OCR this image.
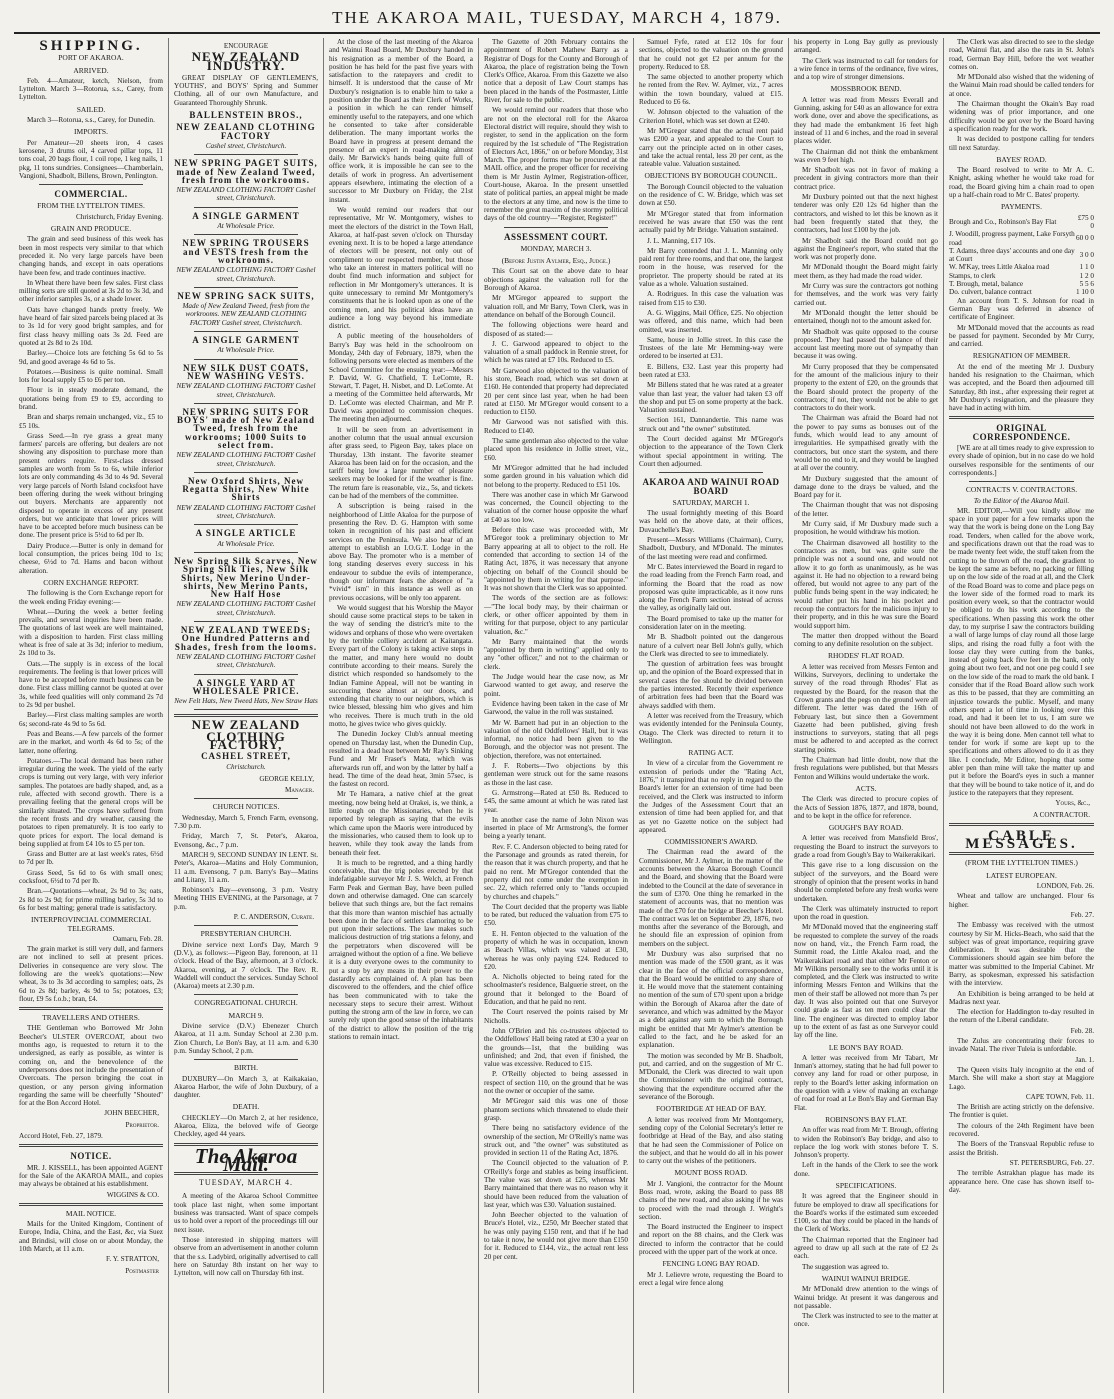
THE AKAROA MAIL, TUESDAY, MARCH 4, 1879.
SHIPPING.
PORT OF AKAROA.
ARRIVED.

Feb. 4—Amateur, ketch, Nielson, from Lyttelton. March 3—Rotorua, s.s., Carey, from Lyttelton.

SAILED.

March 3—Rotorua, s.s., Carey, for Dunedin.

IMPORTS.

Per Amateur—20 sheets iron, 4 cases kerosene, 3 drums oil, 4 carved pillar tops, 11 tons coal, 20 bags flour, 1 coil rope, 1 keg nails, 1 pkg, 11 tons sundries. Consignees—Chamberlain, Vangioni, Shadbolt, Billens, Brown, Penlington.

COMMERCIAL.
FROM THE LYTTELTON TIMES.

Christchurch, Friday Evening.

GRAIN AND PRODUCE.

The grain and seed business of this week has been in most respects very similar to that which preceded it. No very large parcels have been changing hands, and except in oats operations have been few, and trade continues inactive.

In Wheat there have been few sales. First class milling sorts are still quoted at 3s 2d to 3s 3d, and other inferior samples 3s, or a shade lower.

Oats have changed hands pretty freely. We have heard of fair sized parcels being placed at 3s to 3s 1d for very good bright samples, and for first class heavy milling oats 3s 2d. Feed are quoted at 2s 8d to 2s 10d.

Barley.—Choice lots are fetching 5s 6d to 5s 9d, and good average 4s 6d to 5s.

Potatoes.—Business is quite nominal. Small lots for local supply £5 to £6 per ton.

Flour is in steady moderate demand, the quotations being from £9 to £9, according to brand.

Bran and sharps remain unchanged, viz., £5 to £5 10s.

Grass Seed.—In rye grass a great many farmers' parcels are offering, but dealers are not showing any disposition to purchase more than present orders require. First-class dressed samples are worth from 5s to 6s, while inferior lots are only commanding 4s 3d to 4s 9d. Several very large parcels of North Island cocksfoot have been offering during the week without bringing out buyers. Merchants are apparently not disposed to operate in excess of any present orders, but we anticipate that lower prices will have to be accepted before much business can be done. The present price is 5½d to 6d per lb.

Dairy Produce.—Butter is only in demand for local consumption, the prices being 10d to 1s; cheese, 6½d to 7d. Hams and bacon without alteration.

CORN EXCHANGE REPORT.

The following is the Corn Exchange report for the week ending Friday evening:—

Wheat.—During the week a better feeling prevails, and several inquiries have been made. The quotations of last week are well maintained, with a disposition to harden. First class milling wheat is free of sale at 3s 3d; inferior to medium, 2s 10d to 3s.

Oats.—The supply is in excess of the local requirements. The feeling is that lower prices will have to be accepted before much business can be done. First class milling cannot be quoted at over 3s, while feed qualities will only command 2s 7d to 2s 9d per bushel.

Barley.—First class malting samples are worth 6s; second-rate 4s 9d to 5s 6d.

Peas and Beans.—A few parcels of the former are in the market, and worth 4s 6d to 5s; of the latter, none offering.

Potatoes.—The local demand has been rather irregular during the week. The yield of the early crops is turning out very large, with very inferior samples. The potatoes are badly shaped, and, as a rule, affected with second growth. There is a prevailing feeling that the general crops will be similarly situated. The crops have suffered from the recent frosts and dry weather, causing the potatoes to ripen prematurely. It is too early to quote prices for export. The local demand is being supplied at from £4 10s to £5 per ton.

Grass and Butter are at last week's rates, 6½d to 7d per lb.

Grass Seed, 5s 6d to 6s with small ones; cocksfoot, 6½d to 7d per lb.

Bran.—Quotations—wheat, 2s 9d to 3s; oats, 2s 8d to 2s 9d; for prime milling barley, 5s 3d to 6s for best malting; general trade is satisfactory.

INTERPROVINCIAL COMMERCIAL TELEGRAMS.

Oamaru, Feb. 28.

The grain market is still very dull, and farmers are not inclined to sell at present prices. Deliveries in consequence are very slow. The following are the week's quotations:—New wheat, 3s to 3s 3d according to samples; oats, 2s 6d to 2s 8d; barley, 4s 9d to 5s; potatoes, £3; flour, £9 5s f.o.b.; bran, £4.

TRAVELLERS AND OTHERS.

THE Gentleman who Borrowed Mr John Beecher's ULSTER OVERCOAT, about two months ago, is requested to return it to the undersigned, as early as possible, as winter is coming on, and the benevolence of the underpersons does not include the presentation of Overcoats. The person bringing the coat in question, or any person giving information regarding the same will be cheerfully "Shouted" for at the Bon Accord Hotel.

JOHN BEECHER,
Proprietor.

Accord Hotel, Feb. 27, 1879.

NOTICE.

MR. J. KISSELL, has been appointed AGENT for the Sale of the AKAROA MAIL, and copies may always be obtained at his establishment.

WIGGINS & CO.
MAIL NOTICE.

Mails for the United Kingdom, Continent of Europe, India, China, and the East, &c, via Suez and Brindisi, will close on or about Monday, the 10th March, at 11 a.m.

F. Y. STRATTON,
Postmaster
ENCOURAGE
NEW ZEALAND INDUSTRY.

GREAT DISPLAY OF GENTLEMEN'S, YOUTHS', and BOYS' Spring and Summer Clothing, all of our own Manufacture, and Guaranteed Thoroughly Shrunk.

BALLENSTEIN BROS.,
NEW ZEALAND CLOTHING FACTORY
Cashel street, Christchurch.
NEW SPRING PAGET SUITS, made of New Zealand Tweed, fresh from the workrooms.
NEW ZEALAND CLOTHING FACTORY Cashel street, Christchurch.
A SINGLE GARMENT
At Wholesale Price.
NEW SPRING TROUSERS and VESTS fresh from the workrooms.
NEW ZEALAND CLOTHING FACTORY Cashel street, Christchurch.
NEW SPRING SACK SUITS,
Made of New Zealand Tweed, fresh from the workrooms. NEW ZEALAND CLOTHING FACTORY Cashel street, Christchurch.
A SINGLE GARMENT
At Wholesale Price.
NEW SILK DUST COATS, NEW WASHING VESTS.
NEW ZEALAND CLOTHING FACTORY Cashel street, Christchurch.
NEW SPRING SUITS FOR BOYS' made of New Zealand Tweed, fresh from the workrooms; 1000 Suits to select from.
NEW ZEALAND CLOTHING FACTORY Cashel street, Christchurch.
New Oxford Shirts, New Regatta Shirts, New White Shirts
NEW ZEALAND CLOTHING FACTORY Cashel street, Christchurch.
A SINGLE ARTICLE
At Wholesale Price.
New Spring Silk Scarves, New Spring Silk Ties, New Silk Shirts, New Merino Under-shirts, New Merino Pants, New Half Hose
NEW ZEALAND CLOTHING FACTORY Cashel street, Christchurch.
NEW ZEALAND TWEEDS; One Hundred Patterns and Shades, fresh from the looms.
NEW ZEALAND CLOTHING FACTORY Cashel street, Christchurch.
A SINGLE YARD AT WHOLESALE PRICE.
New Felt Hats, New Tweed Hats, New Straw Hats
NEW ZEALAND
CLOTHING FACTORY,
CASHEL STREET,
Christchurch.
GEORGE KELLY,
Manager.
CHURCH NOTICES.

Wednesday, March 5, French Farm, evensong, 7.30 p.m.

Friday, March 7, St. Peter's, Akaroa, Evensong, &c., 7 p.m.

MARCH 9, SECOND SUNDAY IN LENT. St. Peter's, Akaroa—Matins and Holy Communion, 11 a.m. Evensong, 7 p.m. Barry's Bay—Matins and Litany, 11 a.m.

Robinson's Bay—evensong, 3 p.m. Vestry Meeting THIS EVENING, at the Parsonage, at 7 p.m.

P. C. ANDERSON, Curate.
PRESBYTERIAN CHURCH.

Divine service next Lord's Day, March 9 (D.V.), as follows:—Pigeon Bay, forenoon, at 11 o'clock. Head of the Bay, afternoon, at 3 o'clock. Akaroa, evening, at 7 o'clock. The Rev. R. Waddell will conduct the services. Sunday School (Akaroa) meets at 2.30 p.m.

CONGREGATIONAL CHURCH.
MARCH 9.

Divine service (D.V.) Ebenezer Church Akaroa, at 11 a.m. Sunday School at 2.30 p.m. Zion Church, Le Bon's Bay, at 11 a.m. and 6.30 p.m. Sunday School, 2 p.m.

BIRTH.

DUXBURY—On March 3, at Kaikakaiao, Akaroa Harbor, the wife of John Duxbury, of a daughter.

DEATH.

CHECKLEY—On March 2, at her residence, Akaroa, Eliza, the beloved wife of George Checkley, aged 44 years.

The Akaroa Mail.
TUESDAY, MARCH 4.

A meeting of the Akaroa School Committee took place last night, when some important business was transacted. Want of space compels us to hold over a report of the proceedings till our next issue.

Those interested in shipping matters will observe from an advertisement in another column that the s.s. Ladybird, originally advertised to call here on Saturday 8th instant on her way to Lyttelton, will now call on Thursday 6th inst.

At the close of the last meeting of the Akaroa and Wainui Road Board, Mr Duxbury handed in his resignation as a member of the Board, a position he has held for the past five years with satisfaction to the ratepayers and credit to himself. It is understood that the cause of Mr Duxbury's resignation is to enable him to take a position under the Board as their Clerk of Works, a position in which he can render himself eminently useful to the ratepayers, and one which he consented to take after considerable deliberation. The many important works the Board have in progress at present demand the presence of an expert in road-making almost daily. Mr Barwick's hands being quite full of office work, it is impossible he can see to the details of work in progress. An advertisement appears elsewhere, intimating the election of a successor to Mr Duxbury on Friday, the 21st instant.

We would remind our readers that our representative, Mr W. Montgomery, wishes to meet the electors of the district in the Town Hall, Akaroa, at half-past seven o'clock on Thursday evening next. It is to be hoped a large attendance of electors will be present, not only out of compliment to our respected member, but those who take an interest in matters political will no doubt find much information and subject for reflection in Mr Montgomery's utterances. It is quite unnecessary to remind Mr Montgomery's constituents that he is looked upon as one of the coming men, and his political ideas have an audience a long way beyond his immediate district.

A public meeting of the householders of Barry's Bay was held in the schoolroom on Monday, 24th day of February, 1879, when the following persons were elected as members of the School Committee for the ensuing year:—Messrs P. David, W. G. Chatfield, T. LeComte, R. Stewart, T. Paget, H. Nisbet, and D. LeComte. At a meeting of the Committee held afterwards, Mr D. LeComte was elected Chairman, and Mr P. David was appointed to commission cheques. The meeting then adjourned.

It will be seen from an advertisement in another column that the usual annual excursion after grass seed, to Pigeon Bay, takes place on Thursday, 13th instant. The favorite steamer Akaroa has been laid on for the occasion, and the tariff being low a large number of pleasure seekers may be looked for if the weather is fine. The return fare is reasonable, viz., 5s, and tickets can be had of the members of the committee.

A subscription is being raised in the neighborhood of Little Akaloa for the purpose of presenting the Rev. D. G. Hampton with some token in recognition of his past and efficient services on the Peninsula. We also hear of an attempt to establish an I.O.G.T. Lodge in the above Bay. The promoter who is a member of long standing deserves every success in his endeavour to subdue the evils of intemperance, though our informant fears the absence of "a *vivid* ism" in this instance as well as on previous occasions, will be only too apparent.

We would suggest that his Worship the Mayor should cause some practical steps to be taken in the way of sending the district's mite to the widows and orphans of those who were overtaken by the terrible colliery accident at Kaitangata. Every part of the Colony is taking active steps in the matter, and many here would no doubt contribute according to their means. Surely the district which responded so handsomely to the Indian Famine Appeal, will not be wanting in succouring these almost at our doors, and extending that charity to our neighbors, which is twice blessed, blessing him who gives and him who receives. There is much truth in the old motto, he gives twice who gives quickly.

The Dunedin Jockey Club's annual meeting opened on Thursday last, when the Dunedin Cup, resulted in a dead heat between Mr Ray's Sinking Fund and Mr Fraser's Mata, which was afterwards run off, and won by the latter by half a head. The time of the dead heat, 3min 57sec, is the fastest on record.

Mr Te Hamara, a native chief at the great meeting, now being held at Orakei, is, we think, a little rough on the Missionaries, when he is reported by telegraph as saying that the evils which came upon the Maoris were introduced by the missionaries, who caused them to look up to heaven, while they took away the lands from beneath their feet.

It is much to be regretted, and a thing hardly conceivable, that the trig poles erected by that indefatigable surveyor Mr J. S. Welch, at French Farm Peak and German Bay, have been pulled down and otherwise damaged. One can scarcely believe that such things are, but the fact remains that this more than wanton mischief has actually been done in the face of settlers clamoring to be put upon their selections. The law makes such malicious destruction of trig stations a felony, and the perpetrators when discovered will be arraigned without the option of a fine. We believe it is a duty everyone owes to the community to put a stop by any means in their power to the dastardly acts complained of. A plan has been discovered to the offenders, and the chief office has been communicated with to take the necessary steps to secure their arrest. Without putting the strong arm of the law in force, we can surely rely upon the good sense of the inhabitants of the district to allow the position of the trig stations to remain intact.

The Gazette of 20th February contains the appointment of Robert Mathew Barry as a Registrar of Dogs for the County and Borough of Akaroa, the place of registration being the Town Clerk's Office, Akaroa. From this Gazette we also notice that a deposit of Law Court stamps has been placed in the hands of the Postmaster, Little River, for sale to the public.

We would remind our readers that those who are not on the electoral roll for the Akaroa Electoral district will require, should they wish to register, to send in the application on the form required by the 1st schedule of "The Registration of Electors Act, 1866," on or before Monday, 31st March. The proper forms may be procured at the MAIL office, and the proper officer for receiving them is Mr Justin Aylmer, Registration-officer, Court-house, Akaroa. In the present unsettled state of political parties, an appeal might be made to the electors at any time, and now is the time to remember the great maxim of the stormy political days of the old country—"Register, Register!"

ASSESSMENT COURT.
MONDAY, MARCH 3.
(Before Justin Aylmer, Esq., Judge.)

This Court sat on the above date to hear objections against the valuation roll for the Borough of Akaroa.

Mr M'Gregor appeared to support the valuation roll, and Mr Barry, Town Clerk, was in attendance on behalf of the Borough Council.

The following objections were heard and disposed of as stated:—

J. C. Garwood appeared to object to the valuation of a small paddock in Rennie street, for which he was rated at £7 10s. Reduced to £5.

Mr Garwood also objected to the valuation of his store, Beach road, which was set down at £160. He contended that property had depreciated 20 per cent since last year, when he had been rated at £150. Mr M'Gregor would consent to a reduction to £150.

Mr Garwood was not satisfied with this. Reduced to £140.

The same gentleman also objected to the value placed upon his residence in Jollie street, viz., £60.

Mr M'Gregor admitted that he had included some garden ground in his valuation which did not belong to the property. Reduced to £51 10s.

There was another case in which Mr Garwood was concerned, the Council objecting to the valuation of the corner house opposite the wharf at £40 as too low.

Before this case was proceeded with, Mr M'Gregor took a preliminary objection to Mr Barry appearing at all to object to the roll. He contended that according to section 14 of the Rating Act, 1876, it was necessary that anyone objecting on behalf of the Council should be "appointed by them in writing for that purpose." It was not shown that the Clerk was so appointed.

The words of the section are as follows:—"The local body may, by their chairman or clerk, or other officer appointed by them in writing for that purpose, object to any particular valuation, &c."

Mr Barry maintained that the words "appointed by them in writing" applied only to any "other officer," and not to the chairman or clerk.

The Judge would hear the case now, as Mr Garwood wanted to get away, and reserve the point.

Evidence having been taken in the case of Mr Garwood, the value in the roll was sustained.

Mr W. Barnett had put in an objection to the valuation of the old Oddfellows' Hall, but it was informal, no notice had been given to the Borough, and the objector was not present. The objection, therefore, was not entertained.

J. F. Roberts—Two objections by this gentleman were struck out for the same reasons as those in the last case.

G. Armstrong—Rated at £50 8s. Reduced to £45, the same amount at which he was rated last year.

In another case the name of John Nixon was inserted in place of Mr Armstrong's, the former being a yearly tenant.

Rev. F. C. Anderson objected to being rated for the Parsonage and grounds as rated therein, for the reason that it was church property, and that he paid no rent. Mr M'Gregor contended that the property did not come under the exemption in sec. 22, which referred only to "lands occupied by churches and chapels."

The Court decided that the property was liable to be rated, but reduced the valuation from £75 to £50.

E. H. Fenton objected to the valuation of the property of which he was in occupation, known as Beach Villas, which was valued at £30, whereas he was only paying £24. Reduced to £20.

A. Nicholls objected to being rated for the schoolmaster's residence, Balguerie street, on the ground that it belonged to the Board of Education, and that he paid no rent.

The Court reserved the points raised by Mr Nicholls.

John O'Brien and his co-trustees objected to the Oddfellows' Hall being rated at £30 a year on the grounds—1st, that the building was unfinished; and 2nd, that even if finished, the value was excessive. Reduced to £15.

P. O'Reilly objected to being assessed in respect of section 110, on the ground that he was not the owner or occupier of the same.

Mr M'Gregor said this was one of those phantom sections which threatened to elude their grasp.

There being no satisfactory evidence of the ownership of the section, Mr O'Reilly's name was struck out, and "the owner" was substituted as provided in section 11 of the Rating Act, 1876.

The Council objected to the valuation of P. O'Reilly's forge and stables as being insufficient. The value was set down at £25, whereas Mr Barry maintained that there was no reason why it should have been reduced from the valuation of last year, which was £30. Valuation sustained.

John Beecher objected to the valuation of Bruce's Hotel, viz., £250, Mr Beecher stated that he was only paying £150 rent, and that if he had to take it now, he would not give more than £150 for it. Reduced to £144, viz., the actual rent less 20 per cent.

Samuel Fyfe, rated at £12 10s for four sections, objected to the valuation on the ground that he could not get £2 per annum for the property. Reduced to £8.

The same objected to another property which he rented from the Rev. W. Aylmer, viz., 7 acres within the town boundary, valued at £15. Reduced to £6 6s.

W. Johnson objected to the valuation of the Criterion Hotel, which was set down at £240.

Mr M'Gregor stated that the actual rent paid was £200 a year, and appealed to the Court to carry out the principle acted on in other cases, and take the actual rental, less 20 per cent, as the rateable value. Valuation sustained.

OBJECTIONS BY BOROUGH COUNCIL.

The Borough Council objected to the valuation on the residence of C. W. Bridge, which was set down at £50.

Mr M'Gregor stated that from information received he was aware that £50 was the rent actually paid by Mr Bridge. Valuation sustained.

J. L. Manning, £17 10s.

Mr Barry contended that J. L. Manning only paid rent for three rooms, and that one, the largest room in the house, was reserved for the proprietor. The property should be rated at its value as a whole. Valuation sustained.

A. Rodrigues. In this case the valuation was raised from £15 to £30.

A. G. Wiggins, Mail Office, £25. No objection was offered, and this name, which had been omitted, was inserted.

Same, house in Jollie street. In this case the Trustees of the late Mr Hemming-way were ordered to be inserted at £31.

E. Billens, £32. Last year this property had been rated at £33.

Mr Billens stated that he was rated at a greater value than last year, the valuer had taken £3 off the shop and put £5 on some property at the back. Valuation sustained.

Section 161, Dannandertie. This name was struck out and "the owner" substituted.

The Court decided against Mr M'Gregor's objection to the appearance of the Town Clerk without special appointment in writing. The Court then adjourned.

AKAROA AND WAINUI ROAD BOARD
SATURDAY, MARCH 1.

The usual fortnightly meeting of this Board was held on the above date, at their offices, Duvauchelle's Bay.

Present—Messrs Williams (Chairman), Curry, Shadbolt, Duxbury, and M'Donald. The minutes of the last meeting were read and confirmed.

Mr C. Bates interviewed the Board in regard to the road leading from the French Farm road, and informing the Board that the road as now proposed was quite impracticable, as it now runs along the French Farm section instead of across the valley, as originally laid out.

The Board promised to take up the matter for consideration later on in the meeting.

Mr B. Shadbolt pointed out the dangerous nature of a culvert near Bell John's gully, which the Clerk was directed to see to immediately.

The question of arbitration fees was brought up, and the opinion of the Board expressed that in several cases the fee should be divided between the parties interested. Recently their experience of arbitration fees had been that the Board was always saddled with them.

A letter was received from the Treasury, which was evidently intended for the Peninsula County, Otago. The Clerk was directed to return it to Wellington.

RATING ACT.

In view of a circular from the Government re extension of periods under the "Rating Act, 1876," it transpired that no reply in regard to the Board's letter for an extension of time had been received, and the Clerk was instructed to inform the Judges of the Assessment Court that an extension of time had been applied for, and that as yet no Gazette notice on the subject had appeared.

COMMISSIONER'S AWARD.

The Chairman read the award of the Commissioner, Mr J. Aylmer, in the matter of the accounts between the Akaroa Borough Council and the Board, and showing that the Board were indebted to the Council at the date of severance in the sum of £370. One thing he remarked in the statement of accounts was, that no mention was made of the £70 for the bridge at Beecher's Hotel. The contract was let on September 29, 1876, two months after the severance of the Borough, and he should file an expression of opinion from members on the subject.

Mr Duxbury was also surprised that no mention was made of the £500 grant, as it was clear in the face of the official correspondence, that the Board would be entitled to any share of it. He would move that the statement containing no mention of the sum of £70 spent upon a bridge within the Borough of Akaroa after the date of severance, and which was admitted by the Mayor as a debt against any sum to which the Borough might be entitled that Mr Aylmer's attention be called to the fact, and he be asked for an explanation.

The motion was seconded by Mr B. Shadbolt, put, and carried, and on the suggestion of Mr C. M'Donald, the Clerk was directed to wait upon the Commissioner with the original contract, showing that the expenditure occurred after the severance of the Borough.

FOOTBRIDGE AT HEAD OF BAY.

A letter was received from Mr Montgomery, sending copy of the Colonial Secretary's letter re footbridge at Head of the Bay, and also stating that he had seen the Commissioner of Police on the subject, and that he would do all in his power to carry out the wishes of the petitioners.

MOUNT BOSS ROAD.

Mr J. Vangioni, the contractor for the Mount Boss road, wrote, asking the Board to pass 88 chains of the new road, and also asking if he was to proceed with the road through J. Wright's section.

The Board instructed the Engineer to inspect and report on the 88 chains, and the Clerk was directed to inform the contractor that he could proceed with the upper part of the work at once.

FENCING LONG BAY ROAD.

Mr J. Lelievre wrote, requesting the Board to erect a legal wire fence along

his property in Long Bay gully as previously arranged.

The Clerk was instructed to call for tenders for a wire fence in terms of the ordinance, five wires, and a top wire of stronger dimensions.

MOSSBROOK BEND.

A letter was read from Messrs Everall and Gunning, asking for £40 as an allowance for extra work done, over and above the specifications, as they had made the embankment 16 feet high instead of 11 and 6 inches, and the road in several places wider.

The Chairman did not think the embankment was even 9 feet high.

Mr Shadbolt was not in favor of making a precedent in giving contractors more than their contract price.

Mr Duxbury pointed out that the next highest tenderer was only £20 12s 6d higher than the contractors, and wished to let this be known as it had been frequently stated that they, the contractors, had lost £100 by the job.

Mr Shadbolt said the Board could not go against the Engineer's report, who stated that the work was not properly done.

Mr M'Donald thought the Board might fairly meet them, as they had made the road wider.

Mr Curry was sure the contractors got nothing for themselves, and the work was very fairly carried out.

Mr M'Donald thought the letter should be entertained, though not to the amount asked for.

Mr Shadbolt was quite opposed to the course proposed. They had passed the balance of their account last meeting more out of sympathy than because it was owing.

Mr Curry proposed that they be compensated for the amount of the malicious injury to their property to the extent of £20, on the grounds that the Board should protect the property of the contractors; if not, they would not be able to get contractors to do their work.

The Chairman was afraid the Board had not the power to pay sums as bonuses out of the funds, which would lead to any amount of irregularities. He sympathised greatly with the contractors, but once start the system, and there would be no end to it, and they would be laughed at all over the country.

Mr Duxbury suggested that the amount of damage done to the drays be valued, and the Board pay for it.

The Chairman thought that was not disposing of the letter.

Mr Curry said, if Mr Duxbury made such a proposition, he would withdraw his motion.

The Chairman disavowed all hostility to the contractors as men, but was quite sure the principle was not a sound one, and would not allow it to go forth as unanimously, as he was against it. He had no objection to a reward being offered, but would not agree to any part of the public funds being spent in the way indicated; he would rather put his hand in his pocket and recoup the contractors for the malicious injury to their property, and in this he was sure the Board would support him.

The matter then dropped without the Board coming to any definite resolution on the subject.

RHODES' FLAT ROAD.

A letter was received from Messrs Fenton and Wilkins, Surveyors, declining to undertake the survey of the road through Rhodes' Flat as requested by the Board, for the reason that the Crown grants and the pegs on the ground were all different. The letter was dated the 16th of February last, but since then a Government Gazette had been published, giving fresh instructions to surveyors, stating that all pegs must be adhered to and accepted as the correct starting points.

The Chairman had little doubt, now that the fresh regulations were published, but that Messrs Fenton and Wilkins would undertake the work.

ACTS.

The Clerk was directed to procure copies of the Acts of Session 1876, 1877, and 1878, bound, and to be kept in the office for reference.

GOUGH'S BAY ROAD.

A letter was received from Mansfield Bros', requesting the Board to instruct the surveyors to grade a road from Gough's Bay to Waikerakikari.

This gave rise to a long discussion on the subject of the surveyors, and the Board were strongly of opinion that the present works in hand should be completed before any fresh works were undertaken.

The Clerk was ultimately instructed to report upon the road in question.

Mr M'Donald moved that the engineering staff be requested to complete the survey of the roads now on hand, viz., the French Farm road, the Summit road, the Little Akaloa road, and the Waikerakikari road and that either Mr Fenton or Mr Wilkins personally see to the works until it is completed, and the Clerk was instructed to write informing Messrs Fenton and Wilkins that the men of their staff be allowed not more than 7s per day. It was also pointed out that one Surveyor could grade as fast as ten men could clear the line. The engineer was directed to employ labor up to the extent of as fast as one Surveyor could lay off the line.

LE BON'S BAY ROAD.

A letter was received from Mr Tabart, Mr Inman's attorney, stating that he had full power to convey any land for road or other purpose, in reply to the Board's letter asking information on the question with a view of making an exchange of road for road at Le Bon's Bay and German Bay Flat.

ROBINSON'S BAY FLAT.

An offer was read from Mr T. Brough, offering to widen the Robinson's Bay bridge, and also to replace the log work with stones before T. S. Johnson's property.

Left in the hands of the Clerk to see the work done.

SPECIFICATIONS.

It was agreed that the Engineer should in future be employed to draw all specifications for the Board's works if the estimated sum exceeded £100, so that they could be placed in the hands of the Clerk of Works.

The Chairman reported that the Engineer had agreed to draw up all such at the rate of £2 2s each.

The suggestion was agreed to.

WAINUI WAINUI BRIDGE.

Mr M'Donald drew attention to the wings of Wainui bridge. At present it was dangerous and not passable.

The Clerk was instructed to see to the matter at once.

The Clerk was also directed to see to the sledge road, Wainui flat, and also the rats in St. John's road, German Bay Hill, before the wet weather comes on.

Mr M'Donald also wished that the widening of the Wainui Main road should be called tenders for at once.

The Chairman thought the Okain's Bay road widening was of prior importance, and one difficulty would be got over by the Board having a specification ready for the work.

It was decided to postpone calling for tenders till next Saturday.

BAYES' ROAD.

The Board resolved to write to Mr A. C. Knight, asking whether he would take road for road, the Board giving him a chain road to open up a half-chain road to Mr C. Bates' property.

PAYMENTS.
Brough and Co., Robinson's Bay Flat	£75 0 0
J. Woodill, progress payment, Lake Forsyth road	60 0 0
T. Adams, three days' accounts and one day at Court	3 0 0
W. M'Kay, trees Little Akaloa road	1 1 0
Stamps, to clerk	1 2 0
T. Brough, metal, balance	5 5 6
Do. culvert, balance contract	1 10 0

An account from T. S. Johnson for road in German Bay was deferred in absence of certificate of Engineer.

Mr M'Donald moved that the accounts as read be passed for payment. Seconded by Mr Curry, and carried.

RESIGNATION OF MEMBER.

At the end of the meeting Mr J. Duxbury handed his resignation to the Chairman, which was accepted, and the Board then adjourned till Saturday, 8th inst., after expressing their regret at Mr Duxbury's resignation, and the pleasure they have had in acting with him.

ORIGINAL CORRESPONDENCE.

[WE are at all times ready to give expression to every shade of opinion, but in no case do we hold ourselves responsible for the sentiments of our correspondents.]

CONTRACTS V. CONTRACTORS.

To the Editor of the Akaroa Mail.

MR. EDITOR,—Will you kindly allow me space in your paper for a few remarks upon the way that the work is being done on the Long Bay road. Tenders, when called for the above work, and specifications drawn out that the road was to be made twenty feet wide, the stuff taken from the cutting to be thrown off the road, the gradient to be kept the same as before, no packing or filling up on the low side of the road at all, and the Clerk of the Road Board was to come and place pegs on the lower side of the formed road to mark its position every week, so that the contractor would be obliged to do his work according to the specifications. When passing this work the other day, to my surprise I saw the contractors building a wall of large lumps of clay round all those large slips, and rising the road fully a foot with the loose clay they were cutting from the banks, instead of going back five feet in the bank, only going about two feet, and not one peg could I see on the low side of the road to mark the old bank. I consider that if the Road Board allow such work as this to be passed, that they are committing an injustice towards the public. Myself, and many others spent a lot of time in looking over this road, and had it been let to us, I am sure we should not have been allowed to do the work in the way it is being done. Men cannot tell what to tender for work if some are kept up to the specifications and others allowed to do it as they like. I conclude, Mr Editor, hoping that some abler pen than mine will take the matter up and put it before the Board's eyes in such a manner that they will be bound to take notice of it, and do justice to the ratepayers that they represent.

Yours, &c.,
A CONTRACTOR.
CABLE MESSAGES.
(FROM THE LYTTELTON TIMES.)
LATEST EUROPEAN.

LONDON, Feb. 26.

Wheat and tallow are unchanged. Flour 6s higher.

Feb. 27.

The Embassy was received with the utmost courtesy by Sir M. Hicks-Beach, who said that the subject was of great importance, requiring grave deliberation. It was desirable that the Commissioners should again see him before the matter was submitted to the Imperial Cabinet. Mr Barry, as spokesman, expressed his satisfaction with the interview.

An Exhibition is being arranged to be held at Madras next year.

The election for Haddington to-day resulted in the return of the Liberal candidate.

Feb. 28.

The Zulus are concentrating their forces to invade Natal. The river Tuleia is unfordable.

Jan. 1.

The Queen visits Italy incognito at the end of March. She will make a short stay at Maggiore Lago.

CAPE TOWN, Feb. 11.

The British are acting strictly on the defensive. The frontier is quiet.

The colours of the 24th Regiment have been recovered.

The Boers of the Transvaal Republic refuse to assist the British.

ST. PETERSBURG, Feb. 27.

The terrible Astrakhan plague has made its appearance here. One case has shown itself to-day.
